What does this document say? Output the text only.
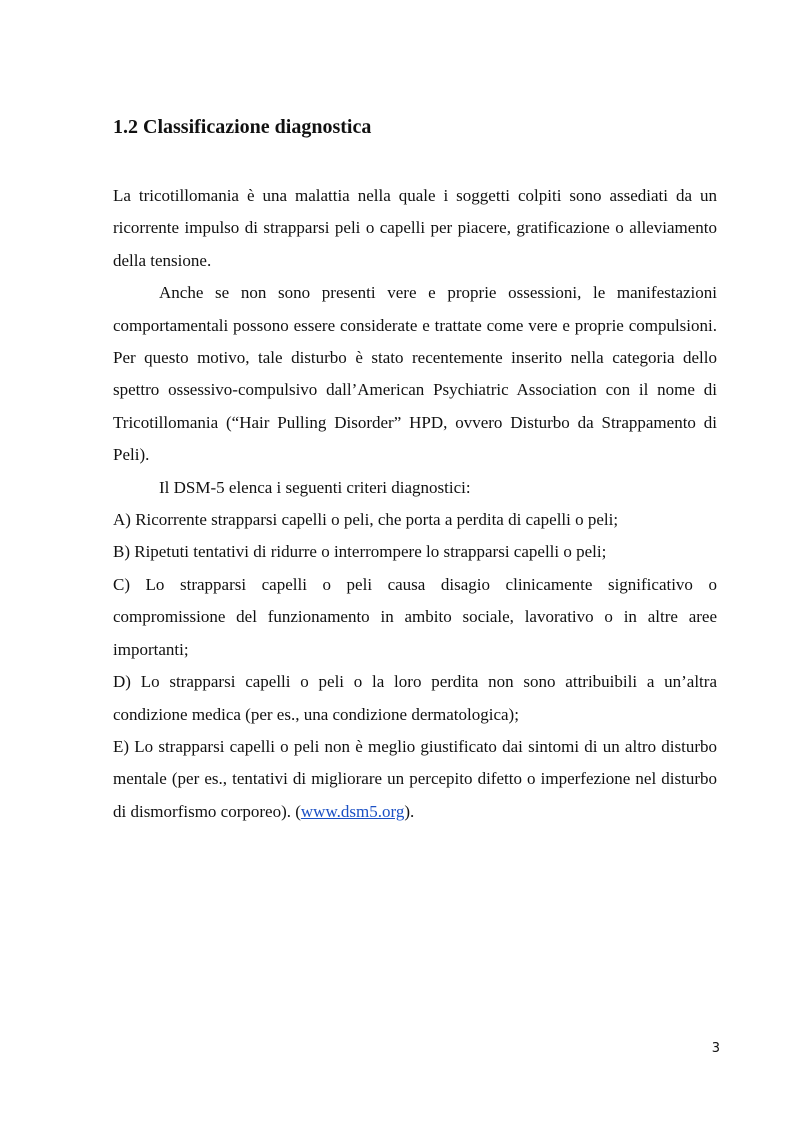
1.2 Classificazione diagnostica

La tricotillomania è una malattia nella quale i soggetti colpiti sono assediati da un ricorrente impulso di strapparsi peli o capelli per piacere, gratificazione o alleviamento della tensione.

Anche se non sono presenti vere e proprie ossessioni, le manifestazioni comportamentali possono essere considerate e trattate come vere e proprie compulsioni. Per questo motivo, tale disturbo è stato recentemente inserito nella categoria dello spettro ossessivo-compulsivo dall’American Psychiatric Association con il nome di Tricotillomania (“Hair Pulling Disorder” HPD, ovvero Disturbo da Strappamento di Peli).

Il DSM-5 elenca i seguenti criteri diagnostici:

A) Ricorrente strapparsi capelli o peli, che porta a perdita di capelli o peli;

B) Ripetuti tentativi di ridurre o interrompere lo strapparsi capelli o peli;

C) Lo strapparsi capelli o peli causa disagio clinicamente significativo o compromissione del funzionamento in ambito sociale, lavorativo o in altre aree importanti;

D) Lo strapparsi capelli o peli o la loro perdita non sono attribuibili a un’altra condizione medica (per es., una condizione dermatologica);

E) Lo strapparsi capelli o peli non è meglio giustificato dai sintomi di un altro disturbo mentale (per es., tentativi di migliorare un percepito difetto o imperfezione nel disturbo di dismorfismo corporeo). (www.dsm5.org).

3
